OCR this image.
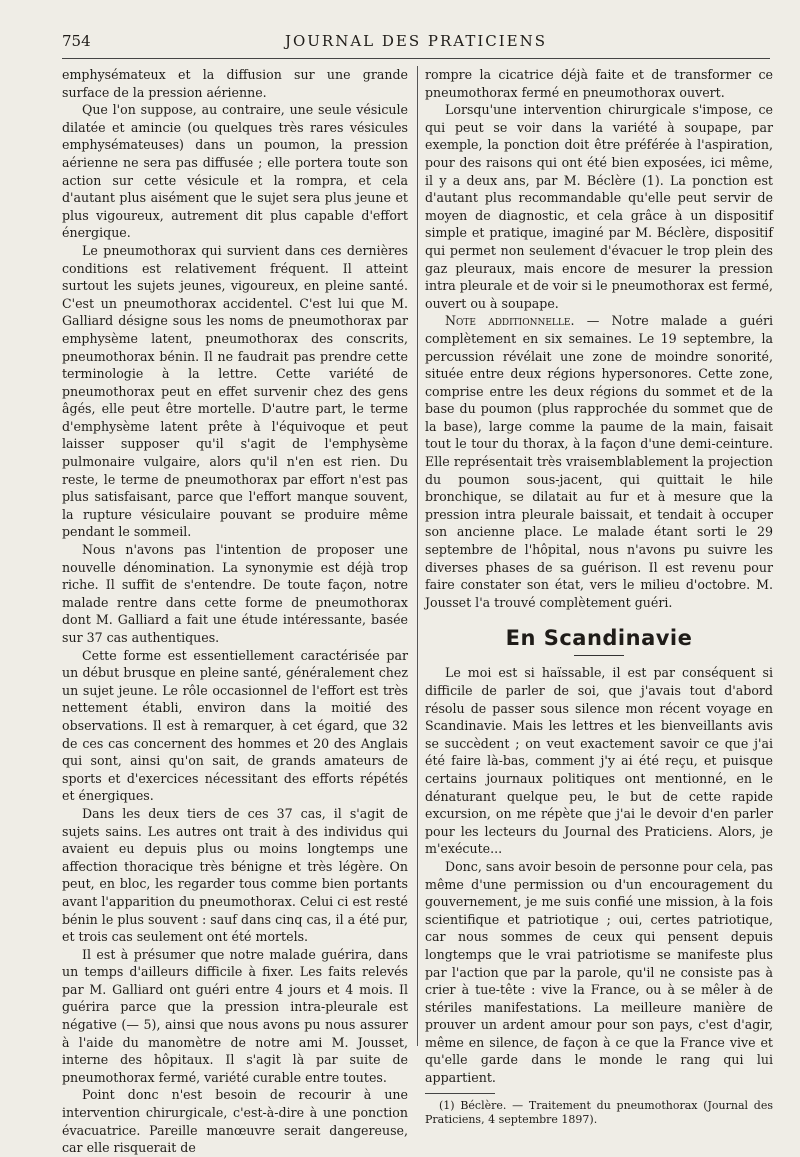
754	JOURNAL DES PRATICIENS

emphysémateux et la diffusion sur une grande surface de la pression aérienne.

Que l'on suppose, au contraire, une seule vésicule dilatée et amincie (ou quelques très rares vésicules emphysémateuses) dans un poumon, la pression aérienne ne sera pas diffusée ; elle portera toute son action sur cette vésicule et la rompra, et cela d'autant plus aisément que le sujet sera plus jeune et plus vigoureux, autrement dit plus capable d'effort énergique.

Le pneumothorax qui survient dans ces dernières conditions est relativement fréquent. Il atteint surtout les sujets jeunes, vigoureux, en pleine santé. C'est un pneumothorax accidentel. C'est lui que M. Galliard désigne sous les noms de pneumothorax par emphysème latent, pneumothorax des conscrits, pneumothorax bénin. Il ne faudrait pas prendre cette terminologie à la lettre. Cette variété de pneumothorax peut en effet survenir chez des gens âgés, elle peut être mortelle. D'autre part, le terme d'emphysème latent prête à l'équivoque et peut laisser supposer qu'il s'agit de l'emphysème pulmonaire vulgaire, alors qu'il n'en est rien. Du reste, le terme de pneumothorax par effort n'est pas plus satisfaisant, parce que l'effort manque souvent, la rupture vésiculaire pouvant se produire même pendant le sommeil.

Nous n'avons pas l'intention de proposer une nouvelle dénomination. La synonymie est déjà trop riche. Il suffit de s'entendre. De toute façon, notre malade rentre dans cette forme de pneumothorax dont M. Galliard a fait une étude intéressante, basée sur 37 cas authentiques.

Cette forme est essentiellement caractérisée par un début brusque en pleine santé, généralement chez un sujet jeune. Le rôle occasionnel de l'effort est très nettement établi, environ dans la moitié des observations. Il est à remarquer, à cet égard, que 32 de ces cas concernent des hommes et 20 des Anglais qui sont, ainsi qu'on sait, de grands amateurs de sports et d'exercices nécessitant des efforts répétés et énergiques.

Dans les deux tiers de ces 37 cas, il s'agit de sujets sains. Les autres ont trait à des individus qui avaient eu depuis plus ou moins longtemps une affection thoracique très bénigne et très légère. On peut, en bloc, les regarder tous comme bien portants avant l'apparition du pneumothorax. Celui ci est resté bénin le plus souvent : sauf dans cinq cas, il a été pur, et trois cas seulement ont été mortels.

Il est à présumer que notre malade guérira, dans un temps d'ailleurs difficile à fixer. Les faits relevés par M. Galliard ont guéri entre 4 jours et 4 mois. Il guérira parce que la pression intra-pleurale est négative (— 5), ainsi que nous avons pu nous assurer à l'aide du manomètre de notre ami M. Jousset, interne des hôpitaux. Il s'agit là par suite de pneumothorax fermé, variété curable entre toutes.

Point donc n'est besoin de recourir à une intervention chirurgicale, c'est-à-dire à une ponction évacuatrice. Pareille manœuvre serait dangereuse, car elle risquerait de

rompre la cicatrice déjà faite et de transformer ce pneumothorax fermé en pneumothorax ouvert.

Lorsqu'une intervention chirurgicale s'impose, ce qui peut se voir dans la variété à soupape, par exemple, la ponction doit être préférée à l'aspiration, pour des raisons qui ont été bien exposées, ici même, il y a deux ans, par M. Béclère (1). La ponction est d'autant plus recommandable qu'elle peut servir de moyen de diagnostic, et cela grâce à un dispositif simple et pratique, imaginé par M. Béclère, dispositif qui permet non seulement d'évacuer le trop plein des gaz pleuraux, mais encore de mesurer la pression intra pleurale et de voir si le pneumothorax est fermé, ouvert ou à soupape.

Note additionnelle. — Notre malade a guéri complètement en six semaines. Le 19 septembre, la percussion révélait une zone de moindre sonorité, située entre deux régions hypersonores. Cette zone, comprise entre les deux régions du sommet et de la base du poumon (plus rapprochée du sommet que de la base), large comme la paume de la main, faisait tout le tour du thorax, à la façon d'une demi-ceinture. Elle représentait très vraisemblablement la projection du poumon sous-jacent, qui quittait le hile bronchique, se dilatait au fur et à mesure que la pression intra pleurale baissait, et tendait à occuper son ancienne place. Le malade étant sorti le 29 septembre de l'hôpital, nous n'avons pu suivre les diverses phases de sa guérison. Il est revenu pour faire constater son état, vers le milieu d'octobre. M. Jousset l'a trouvé complètement guéri.

En Scandinavie

Le moi est si haïssable, il est par conséquent si difficile de parler de soi, que j'avais tout d'abord résolu de passer sous silence mon récent voyage en Scandinavie. Mais les lettres et les bienveillants avis se succèdent ; on veut exactement savoir ce que j'ai été faire là-bas, comment j'y ai été reçu, et puisque certains journaux politiques ont mentionné, en le dénaturant quelque peu, le but de cette rapide excursion, on me répète que j'ai le devoir d'en parler pour les lecteurs du Journal des Praticiens. Alors, je m'exécute...

Donc, sans avoir besoin de personne pour cela, pas même d'une permission ou d'un encouragement du gouvernement, je me suis confié une mission, à la fois scientifique et patriotique ; oui, certes patriotique, car nous sommes de ceux qui pensent depuis longtemps que le vrai patriotisme se manifeste plus par l'action que par la parole, qu'il ne consiste pas à crier à tue-tête : vive la France, ou à se mêler à de stériles manifestations. La meilleure manière de prouver un ardent amour pour son pays, c'est d'agir, même en silence, de façon à ce que la France vive et qu'elle garde dans le monde le rang qui lui appartient.

(1) Béclère. — Traitement du pneumothorax (Journal des Praticiens, 4 septembre 1897).
